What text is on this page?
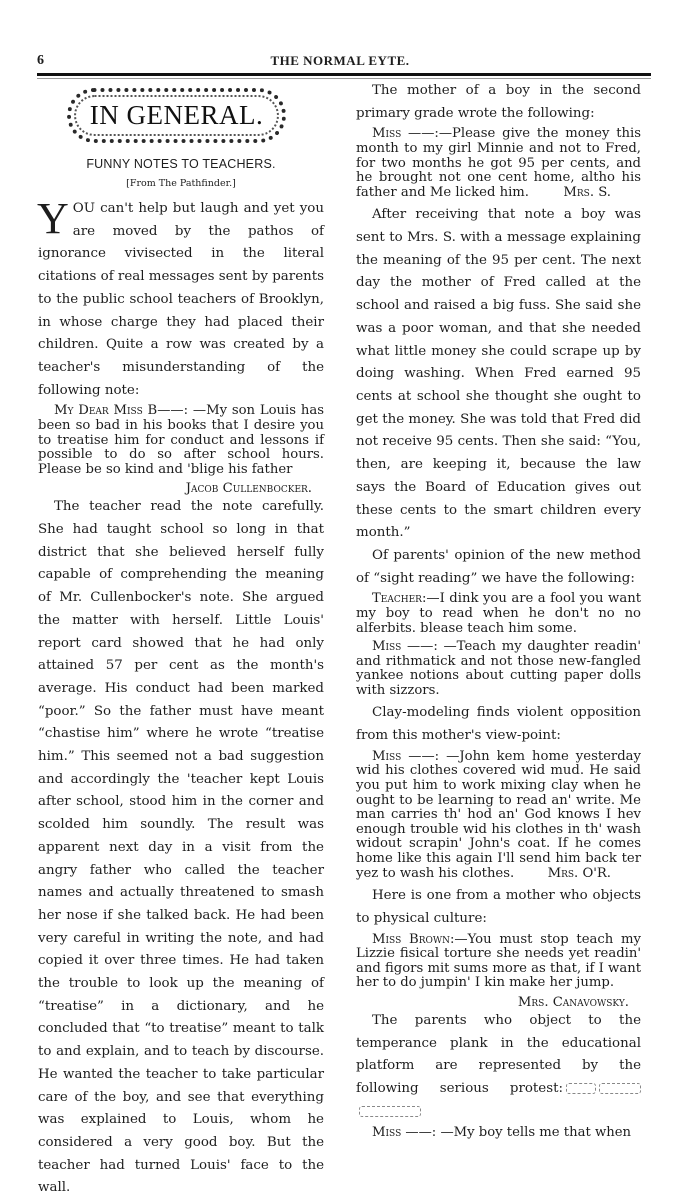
6	THE NORMAL EYTE.
IN GENERAL.
FUNNY NOTES TO TEACHERS.
[From The Pathfinder.]

YOU can't help but laugh and yet you are moved by the pathos of ignorance vivisected in the literal citations of real messages sent by parents to the public school teachers of Brooklyn, in whose charge they had placed their children. Quite a row was created by a teacher's misunderstanding of the following note:

My Dear Miss B——: —My son Louis has been so bad in his books that I desire you to treatise him for conduct and lessons if possible to do so after school hours. Please be so kind and 'blige his father
Jacob Cullenbocker.

The teacher read the note carefully. She had taught school so long in that district that she believed herself fully capable of comprehending the meaning of Mr. Cullenbocker's note. She argued the matter with herself. Little Louis' report card showed that he had only attained 57 per cent as the month's average. His conduct had been marked “poor.” So the father must have meant “chastise him” where he wrote “treatise him.” This seemed not a bad suggestion and accordingly the 'teacher kept Louis after school, stood him in the corner and scolded him soundly. The result was apparent next day in a visit from the angry father who called the teacher names and actually threatened to smash her nose if she talked back. He had been very careful in writing the note, and had copied it over three times. He had taken the trouble to look up the meaning of “treatise” in a dictionary, and he concluded that “to treatise” meant to talk to and explain, and to teach by discourse. He wanted the teacher to take particular care of the boy, and see that everything was explained to Louis, whom he considered a very good boy. But the teacher had turned Louis' face to the wall.

The mother of a boy in the second primary grade wrote the following:

Miss ——:—Please give the money this month to my girl Minnie and not to Fred, for two months he got 95 per cents, and he brought not one cent home, altho his father and Me licked him.	Mrs. S.

After receiving that note a boy was sent to Mrs. S. with a message explaining the meaning of the 95 per cent. The next day the mother of Fred called at the school and raised a big fuss. She said she was a poor woman, and that she needed what little money she could scrape up by doing washing. When Fred earned 95 cents at school she thought she ought to get the money. She was told that Fred did not receive 95 cents. Then she said: “You, then, are keeping it, because the law says the Board of Education gives out these cents to the smart children every month.”

Of parents' opinion of the new method of “sight reading” we have the following:

Teacher:—I dink you are a fool you want my boy to read when he don't no no alferbits. blease teach him some.
Miss ——: —Teach my daughter readin' and rithmatick and not those new-fangled yankee notions about cutting paper dolls with sizzors.

Clay-modeling finds violent opposition from this mother's view-point:

Miss ——: —John kem home yesterday wid his clothes covered wid mud. He said you put him to work mixing clay when he ought to be learning to read an' write. Me man carries th' hod an' God knows I hev enough trouble wid his clothes in th' wash widout scrapin' John's coat. If he comes home like this again I'll send him back ter yez to wash his clothes.	Mrs. O'R.

Here is one from a mother who objects to physical culture:

Miss Brown:—You must stop teach my Lizzie fisical torture she needs yet readin' and figors mit sums more as that, if I want her to do jumpin' I kin make her jump.
Mrs. Canavowsky.

The parents who object to the temperance plank in the educational platform are represented by the following serious protest:

Miss ——: —My boy tells me that when
